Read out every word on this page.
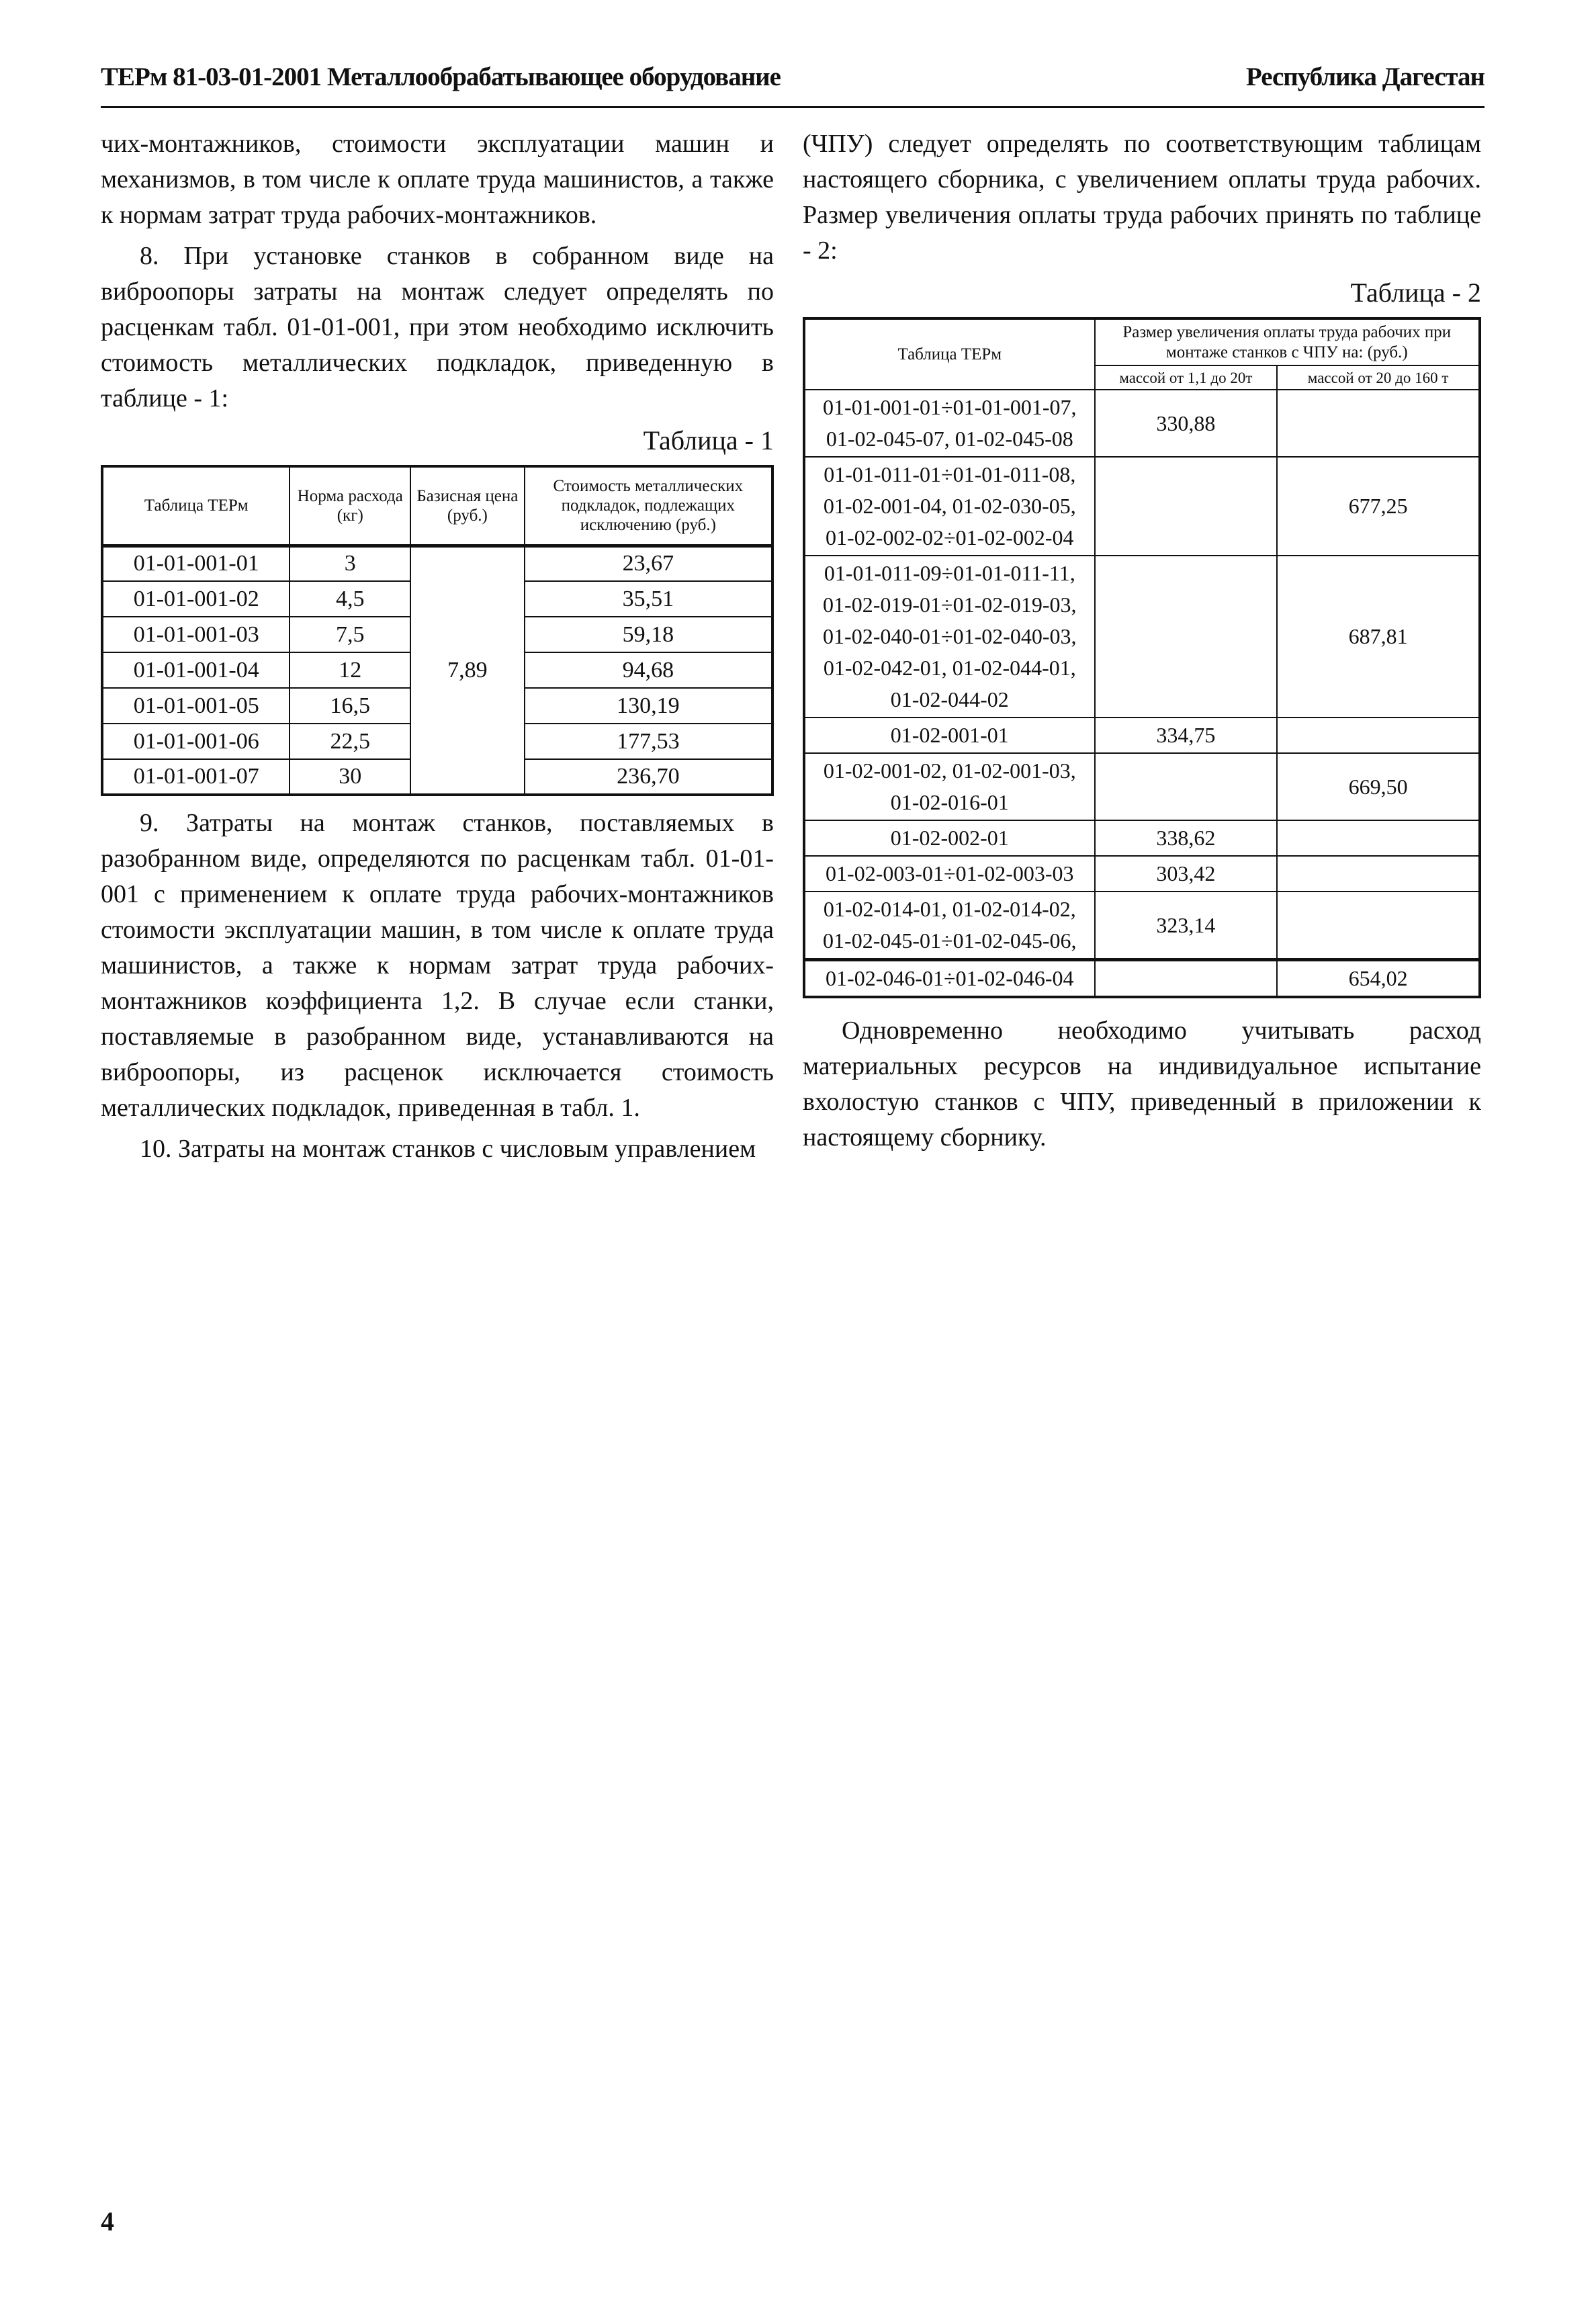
ТЕРм 81-03-01-2001 Металлообрабатывающее оборудование	Республика Дагестан

чих-монтажников, стоимости эксплуатации машин и механизмов, в том числе к оплате труда машинистов, а также к нормам затрат труда рабочих-монтажников.

8. При установке станков в собранном виде на виброопоры затраты на монтаж следует определять по расценкам табл. 01-01-001, при этом необходимо исключить стоимость металлических подкладок, приведенную в таблице - 1:

Таблица - 1
Таблица ТЕРм	Норма расхода (кг)	Базисная цена (руб.)	Стоимость металлических подкладок, подлежащих исключению (руб.)
01-01-001-01	3	7,89	23,67
01-01-001-02	4,5		35,51
01-01-001-03	7,5		59,18
01-01-001-04	12		94,68
01-01-001-05	16,5		130,19
01-01-001-06	22,5		177,53
01-01-001-07	30		236,70

9. Затраты на монтаж станков, поставляемых в разобранном виде, определяются по расценкам табл. 01-01-001 с применением к оплате труда рабочих-монтажников стоимости эксплуатации машин, в том числе к оплате труда машинистов, а также к нормам затрат труда рабочих-монтажников коэффициента 1,2. В случае если станки, поставляемые в разобранном виде, устанавливаются на виброопоры, из расценок исключается стоимость металлических подкладок, приведенная в табл. 1.

10. Затраты на монтаж станков с числовым управлением

(ЧПУ) следует определять по соответствующим таблицам настоящего сборника, с увеличением оплаты труда рабочих. Размер увеличения оплаты труда рабочих принять по таблице - 2:

Таблица - 2
Таблица ТЕРм	Размер увеличения оплаты труда рабочих при монтаже станков с ЧПУ на: (руб.)	
	массой от 1,1 до 20т	массой от 20 до 160 т
01-01-001-01÷01-01-001-07, 01-02-045-07, 01-02-045-08	330,88	
01-01-011-01÷01-01-011-08, 01-02-001-04, 01-02-030-05, 01-02-002-02÷01-02-002-04		677,25
01-01-011-09÷01-01-011-11, 01-02-019-01÷01-02-019-03, 01-02-040-01÷01-02-040-03, 01-02-042-01, 01-02-044-01, 01-02-044-02		687,81
01-02-001-01	334,75	
01-02-001-02, 01-02-001-03, 01-02-016-01		669,50
01-02-002-01	338,62	
01-02-003-01÷01-02-003-03	303,42	
01-02-014-01, 01-02-014-02, 01-02-045-01÷01-02-045-06,	323,14	
01-02-046-01÷01-02-046-04		654,02

Одновременно необходимо учитывать расход материальных ресурсов на индивидуальное испытание вхолостую станков с ЧПУ, приведенный в приложении к настоящему сборнику.

4
